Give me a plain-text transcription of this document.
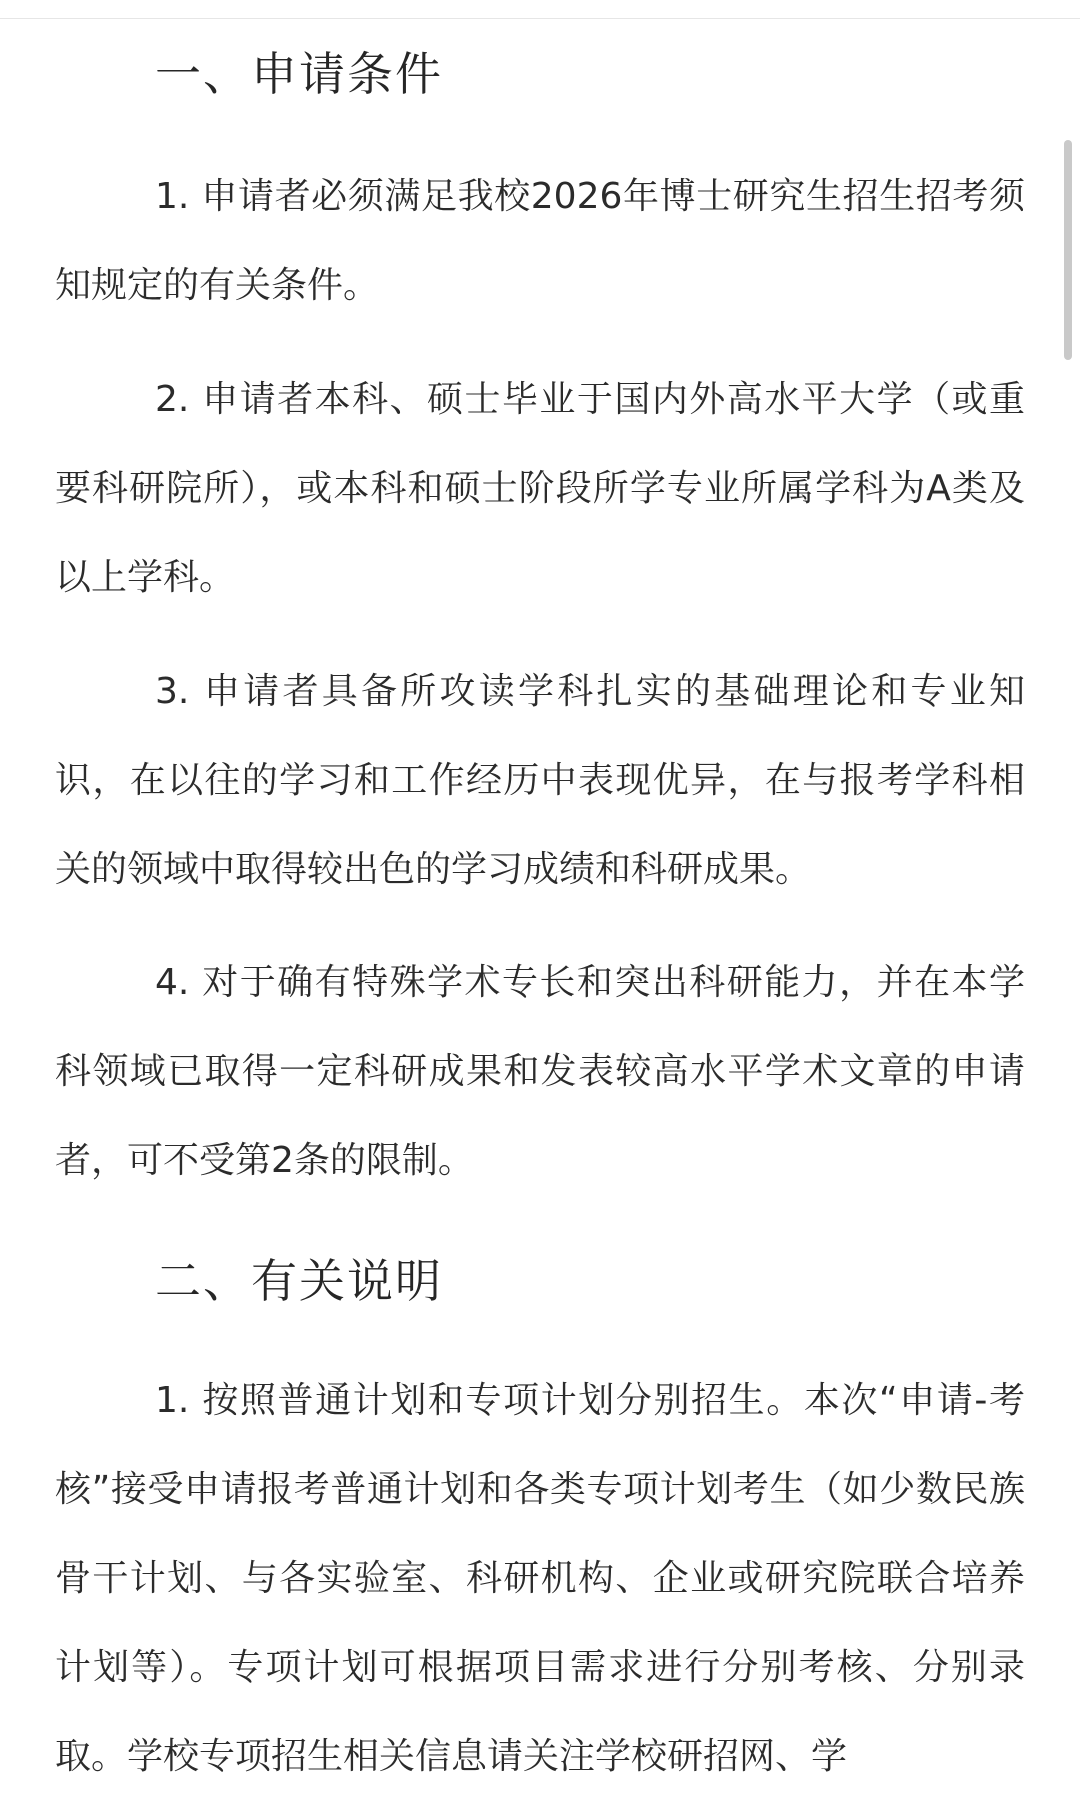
一、申请条件

1. 申请者必须满足我校2026年博士研究生招生招考须知规定的有关条件。

2. 申请者本科、硕士毕业于国内外高水平大学（或重要科研院所），或本科和硕士阶段所学专业所属学科为A类及以上学科。

3. 申请者具备所攻读学科扎实的基础理论和专业知识，在以往的学习和工作经历中表现优异，在与报考学科相关的领域中取得较出色的学习成绩和科研成果。

4. 对于确有特殊学术专长和突出科研能力，并在本学科领域已取得一定科研成果和发表较高水平学术文章的申请者，可不受第2条的限制。

二、有关说明

1. 按照普通计划和专项计划分别招生。本次“申请-考核”接受申请报考普通计划和各类专项计划考生（如少数民族骨干计划、与各实验室、科研机构、企业或研究院联合培养计划等）。专项计划可根据项目需求进行分别考核、分别录取。学校专项招生相关信息请关注学校研招网、学
